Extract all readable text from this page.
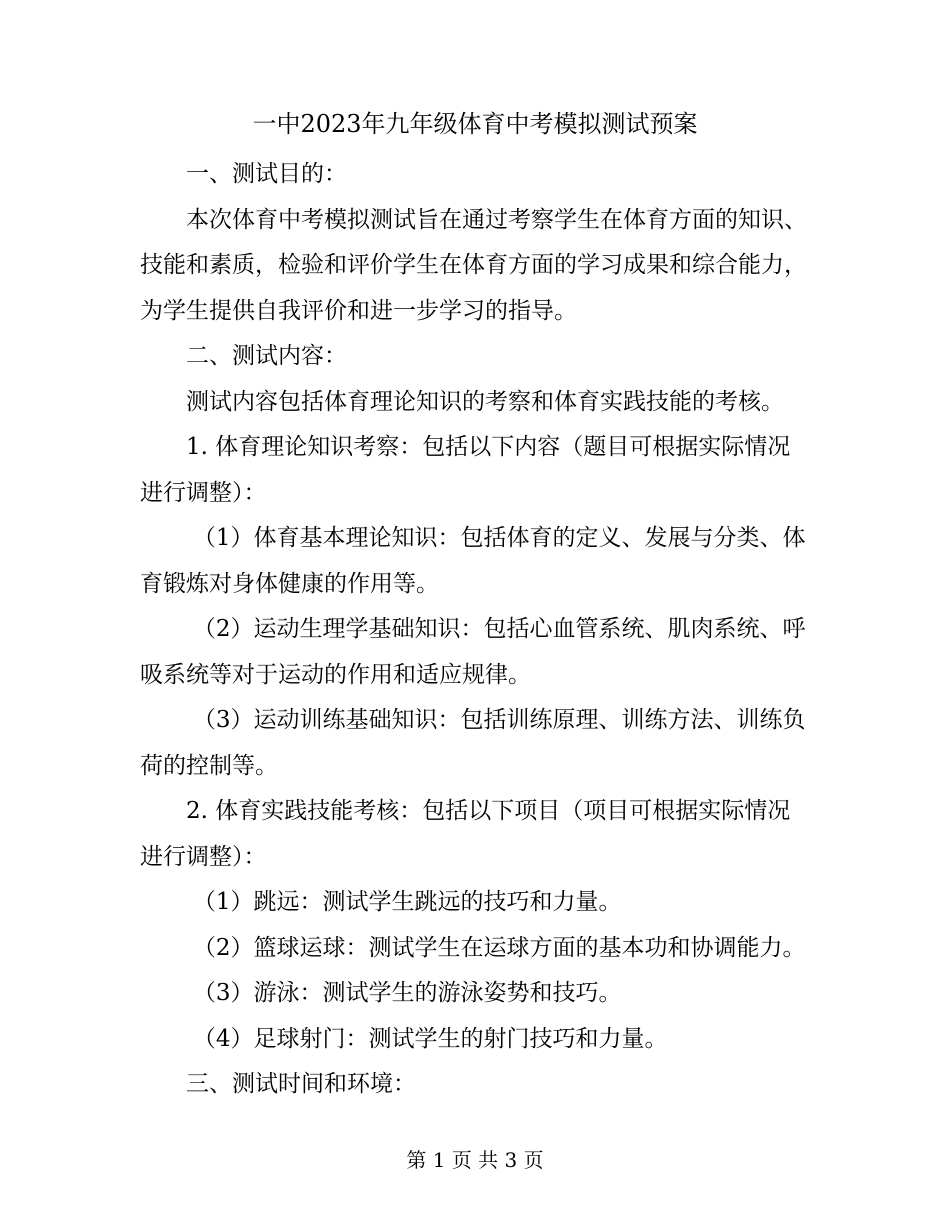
一中2023年九年级体育中考模拟测试预案

一、测试目的：

本次体育中考模拟测试旨在通过考察学生在体育方面的知识、技能和素质，检验和评价学生在体育方面的学习成果和综合能力，为学生提供自我评价和进一步学习的指导。

二、测试内容：

测试内容包括体育理论知识的考察和体育实践技能的考核。

1. 体育理论知识考察：包括以下内容（题目可根据实际情况进行调整）：

（1）体育基本理论知识：包括体育的定义、发展与分类、体育锻炼对身体健康的作用等。

（2）运动生理学基础知识：包括心血管系统、肌肉系统、呼吸系统等对于运动的作用和适应规律。

（3）运动训练基础知识：包括训练原理、训练方法、训练负荷的控制等。

2. 体育实践技能考核：包括以下项目（项目可根据实际情况进行调整）：

（1）跳远：测试学生跳远的技巧和力量。

（2）篮球运球：测试学生在运球方面的基本功和协调能力。

（3）游泳：测试学生的游泳姿势和技巧。

（4）足球射门：测试学生的射门技巧和力量。

三、测试时间和环境：

第 1 页 共 3 页
